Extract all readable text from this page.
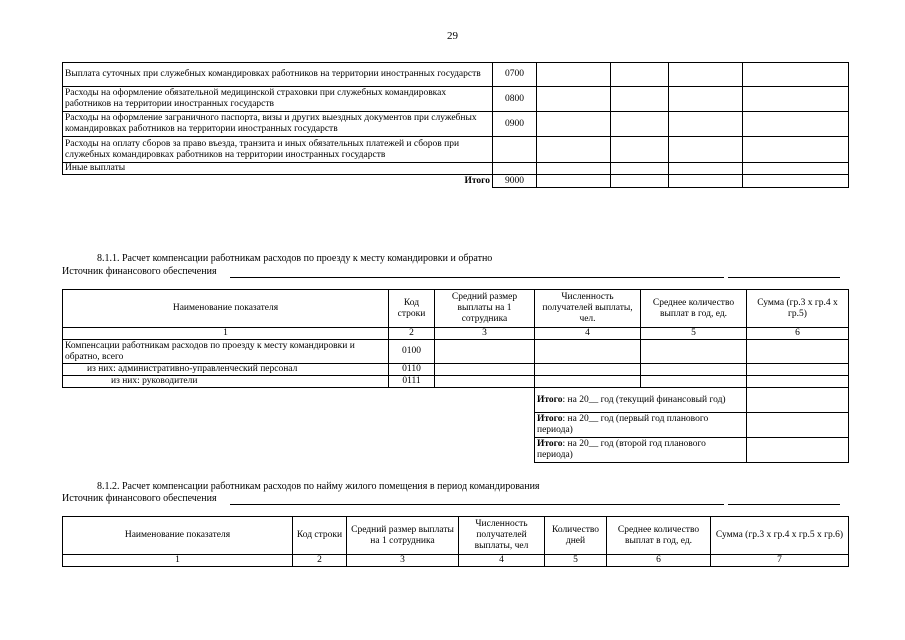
29
Выплата суточных при служебных командировках работников на территории иностранных государств	0700				
Расходы на оформление обязательной медицинской страховки при служебных командировках работников на территории иностранных государств	0800				
Расходы на оформление заграничного паспорта, визы и других выездных документов при служебных командировках работников на территории иностранных государств	0900				
Расходы на оплату сборов за право въезда, транзита и иных обязательных платежей и сборов при служебных командировках работников на территории иностранных государств					
Иные выплаты					
Итого	9000				
8.1.1. Расчет компенсации работникам расходов по проезду к месту командировки и обратно
Источник финансового обеспечения
Наименование показателя	Код строки	Средний размер выплаты на 1 сотрудника	Численность получателей выплаты, чел.	Среднее количество выплат в год, ед.	Сумма (гр.3 х гр.4 х гр.5)
1	2	3	4	5	6
Компенсации работникам расходов по проезду к месту командировки и обратно, всего	0100				
из них: административно-управленческий персонал	0110				
из них: руководители	0111				
			Итого: на 20__ год (текущий финансовый год)		
			Итого: на 20__ год (первый год планового периода)		
			Итого: на 20__ год (второй год планового периода)		
8.1.2. Расчет компенсации работникам расходов по найму жилого помещения в период командирования
Источник финансового обеспечения
Наименование показателя	Код строки	Средний размер выплаты на 1 сотрудника	Численность получателей выплаты, чел	Количество дней	Среднее количество выплат в год, ед.	Сумма (гр.3 х гр.4 х гр.5 х гр.6)
1	2	3	4	5	6	7
